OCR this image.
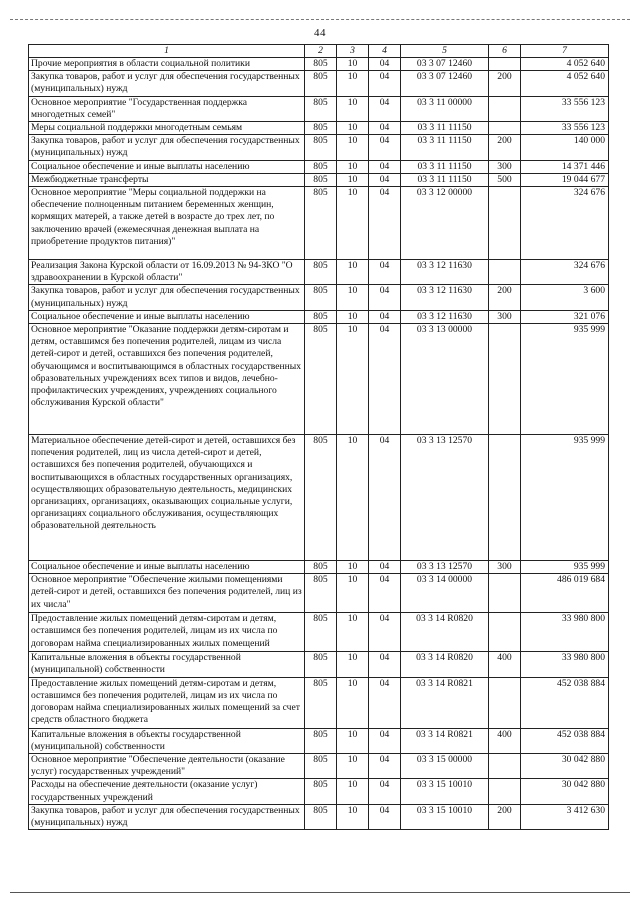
44
1	2	3	4	5	6	7
Прочие мероприятия в области социальной политики	805	10	04	03 3 07 12460		4 052 640
Закупка товаров, работ и услуг для обеспечения государственных (муниципальных) нужд	805	10	04	03 3 07 12460	200	4 052 640
Основное мероприятие "Государственная поддержка многодетных семей"	805	10	04	03 3 11 00000		33 556 123
Меры социальной поддержки многодетным семьям	805	10	04	03 3 11 11150		33 556 123
Закупка товаров, работ и услуг для обеспечения государственных (муниципальных) нужд	805	10	04	03 3 11 11150	200	140 000
Социальное обеспечение и иные выплаты населению	805	10	04	03 3 11 11150	300	14 371 446
Межбюджетные трансферты	805	10	04	03 3 11 11150	500	19 044 677
Основное мероприятие "Меры социальной поддержки на обеспечение полноценным питанием беременных женщин, кормящих матерей, а также детей в возрасте до трех лет, по заключению врачей (ежемесячная денежная выплата на приобретение продуктов питания)"	805	10	04	03 3 12 00000		324 676
Реализация Закона Курской области от 16.09.2013 № 94-ЗКО "О здравоохранении в Курской области"	805	10	04	03 3 12 11630		324 676
Закупка товаров, работ и услуг для обеспечения государственных (муниципальных) нужд	805	10	04	03 3 12 11630	200	3 600
Социальное обеспечение и иные выплаты населению	805	10	04	03 3 12 11630	300	321 076
Основное мероприятие "Оказание поддержки детям-сиротам и детям, оставшимся без попечения родителей, лицам из числа детей-сирот и детей, оставшихся без попечения родителей, обучающимся и воспитывающимся в областных государственных образовательных учреждениях всех типов и видов, лечебно-профилактических учреждениях, учреждениях социального обслуживания Курской области"	805	10	04	03 3 13 00000		935 999
Материальное обеспечение детей-сирот и детей, оставшихся без попечения родителей, лиц из числа детей-сирот и детей, оставшихся без попечения родителей, обучающихся и воспитывающихся в областных государственных организациях, осуществляющих образовательную деятельность, медицинских организациях, организациях, оказывающих социальные услуги, организациях социального обслуживания, осуществляющих образовательной деятельность	805	10	04	03 3 13 12570		935 999
Социальное обеспечение и иные выплаты населению	805	10	04	03 3 13 12570	300	935 999
Основное мероприятие "Обеспечение жилыми помещениями детей-сирот и детей, оставшихся без попечения родителей, лиц из их числа"	805	10	04	03 3 14 00000		486 019 684
Предоставление жилых помещений детям-сиротам и детям, оставшимся без попечения родителей, лицам из их числа по договорам найма специализированных жилых помещений	805	10	04	03 3 14 R0820		33 980 800
Капитальные вложения в объекты государственной (муниципальной) собственности	805	10	04	03 3 14 R0820	400	33 980 800
Предоставление жилых помещений детям-сиротам и детям, оставшимся без попечения родителей, лицам из их числа по договорам найма специализированных жилых помещений за счет средств областного бюджета	805	10	04	03 3 14 R0821		452 038 884
Капитальные вложения в объекты государственной (муниципальной) собственности	805	10	04	03 3 14 R0821	400	452 038 884
Основное мероприятие "Обеспечение деятельности (оказание услуг) государственных учреждений"	805	10	04	03 3 15 00000		30 042 880
Расходы на обеспечение деятельности (оказание услуг) государственных учреждений	805	10	04	03 3 15 10010		30 042 880
Закупка товаров, работ и услуг для обеспечения государственных (муниципальных) нужд	805	10	04	03 3 15 10010	200	3 412 630
